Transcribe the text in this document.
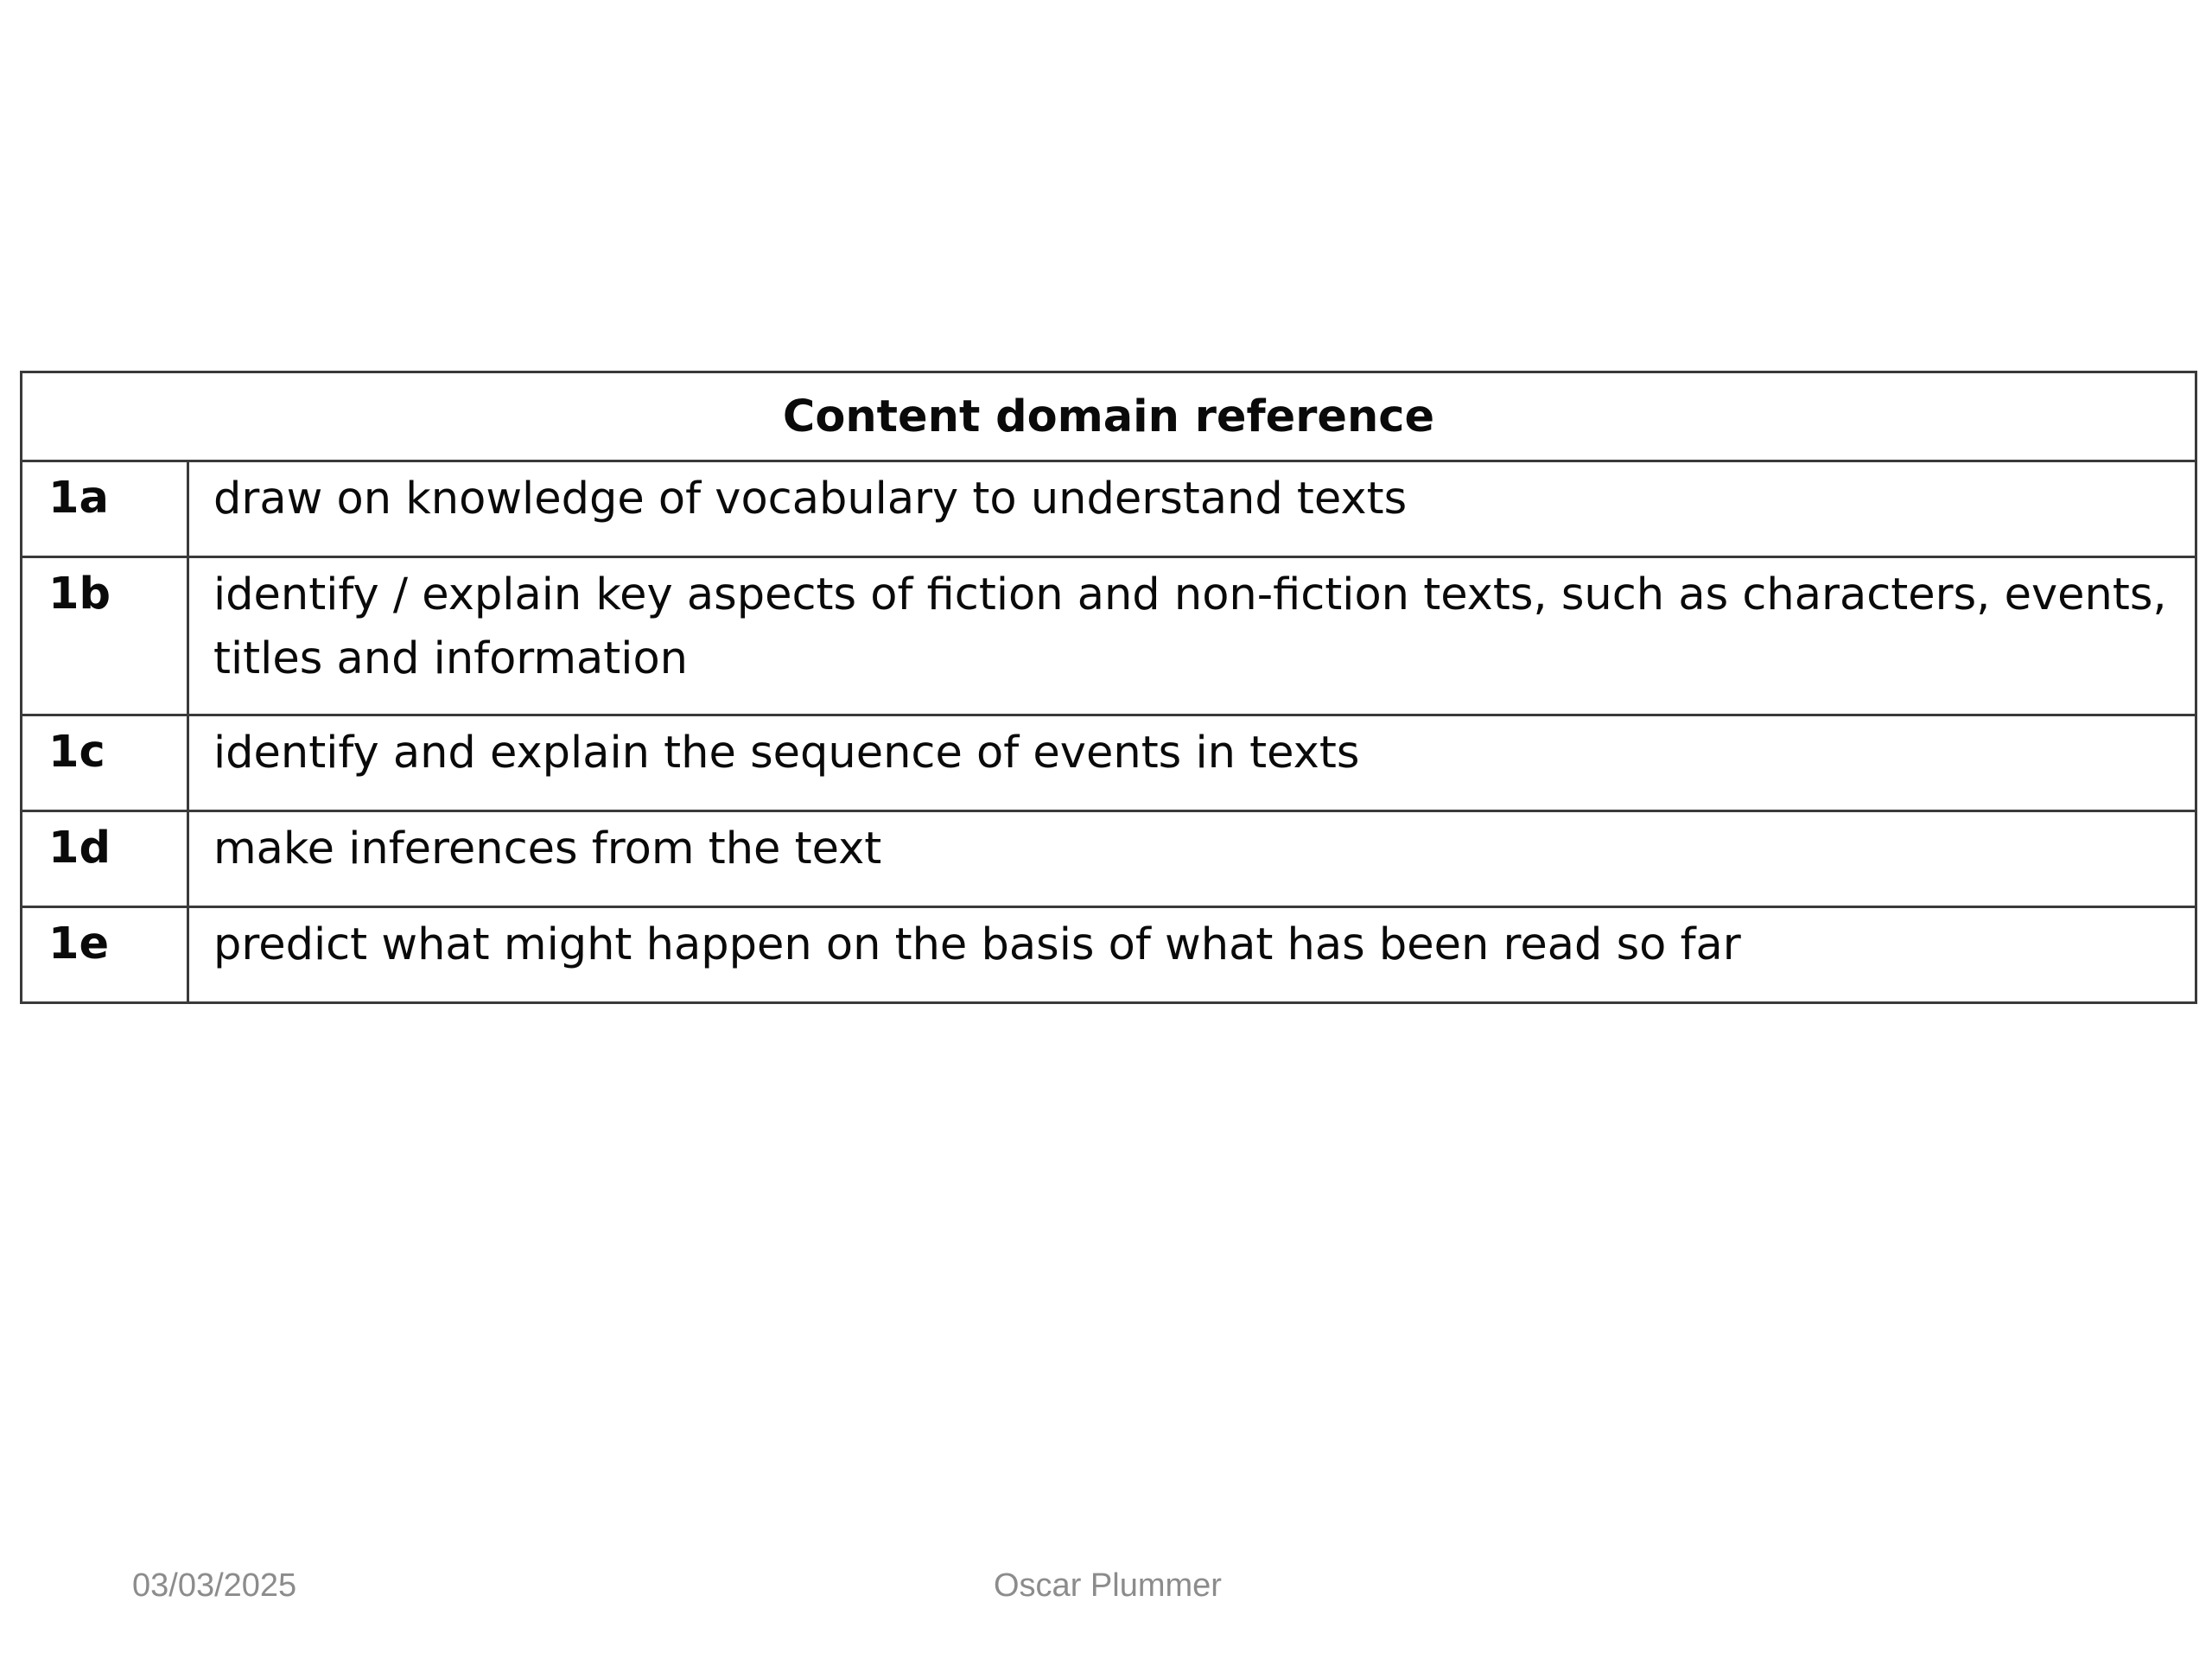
Content domain reference	
1a	draw on knowledge of vocabulary to understand texts
1b	identify / explain key aspects of fiction and non-fiction texts, such as characters, events, titles and information
1c	identify and explain the sequence of events in texts
1d	make inferences from the text
1e	predict what might happen on the basis of what has been read so far
03/03/2025	Oscar Plummer
